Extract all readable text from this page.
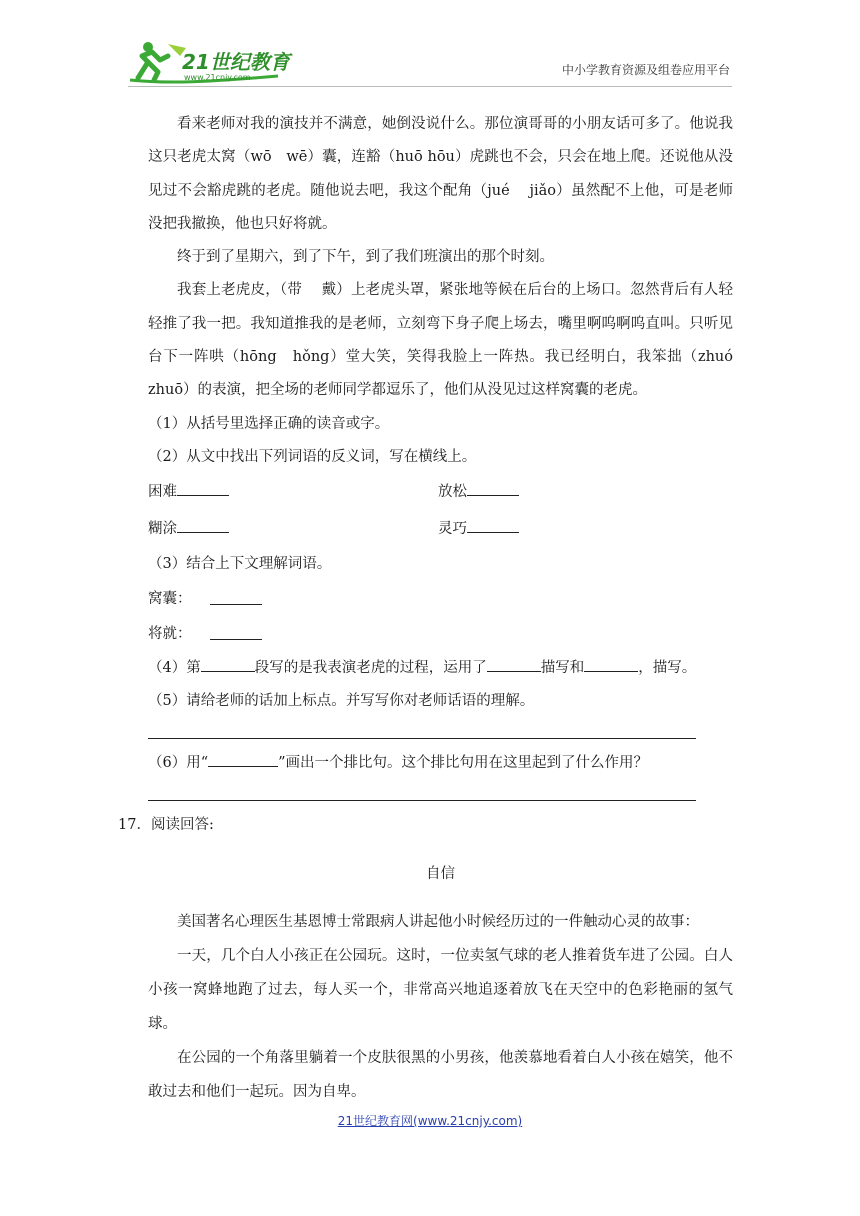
21世纪教育
www.21cnjy.com
中小学教育资源及组卷应用平台

看来老师对我的演技并不满意，她倒没说什么。那位演哥哥的小朋友话可多了。他说我这只老虎太窝（wō　wē）囊，连豁（huō hōu）虎跳也不会，只会在地上爬。还说他从没见过不会豁虎跳的老虎。随他说去吧，我这个配角（jué　 jiǎo）虽然配不上他，可是老师没把我撤换，他也只好将就。

终于到了星期六，到了下午，到了我们班演出的那个时刻。

我套上老虎皮，（带　 戴）上老虎头罩，紧张地等候在后台的上场口。忽然背后有人轻轻推了我一把。我知道推我的是老师，立刻弯下身子爬上场去，嘴里啊呜啊呜直叫。只听见台下一阵哄（hōng　hǒng）堂大笑，笑得我脸上一阵热。我已经明白，我笨拙（zhuó zhuō）的表演，把全场的老师同学都逗乐了，他们从没见过这样窝囊的老虎。

（1）从括号里选择正确的读音或字。

（2）从文中找出下列词语的反义词，写在横线上。

困难	放松
糊涂	灵巧

（3）结合上下文理解词语。

窝囊：
将就：

（4）第	段写的是我表演老虎的过程，运用了	描写和	，描写。

（5）请给老师的话加上标点。并写写你对老师话语的理解。

（6）用“	”画出一个排比句。这个排比句用在这里起到了什么作用？

17．阅读回答:

自信

美国著名心理医生基恩博士常跟病人讲起他小时候经历过的一件触动心灵的故事：

一天，几个白人小孩正在公园玩。这时，一位卖氢气球的老人推着货车进了公园。白人小孩一窝蜂地跑了过去，每人买一个，非常高兴地追逐着放飞在天空中的色彩艳丽的氢气球。

在公园的一个角落里躺着一个皮肤很黑的小男孩，他羡慕地看着白人小孩在嬉笑，他不敢过去和他们一起玩。因为自卑。

21世纪教育网(www.21cnjy.com)
